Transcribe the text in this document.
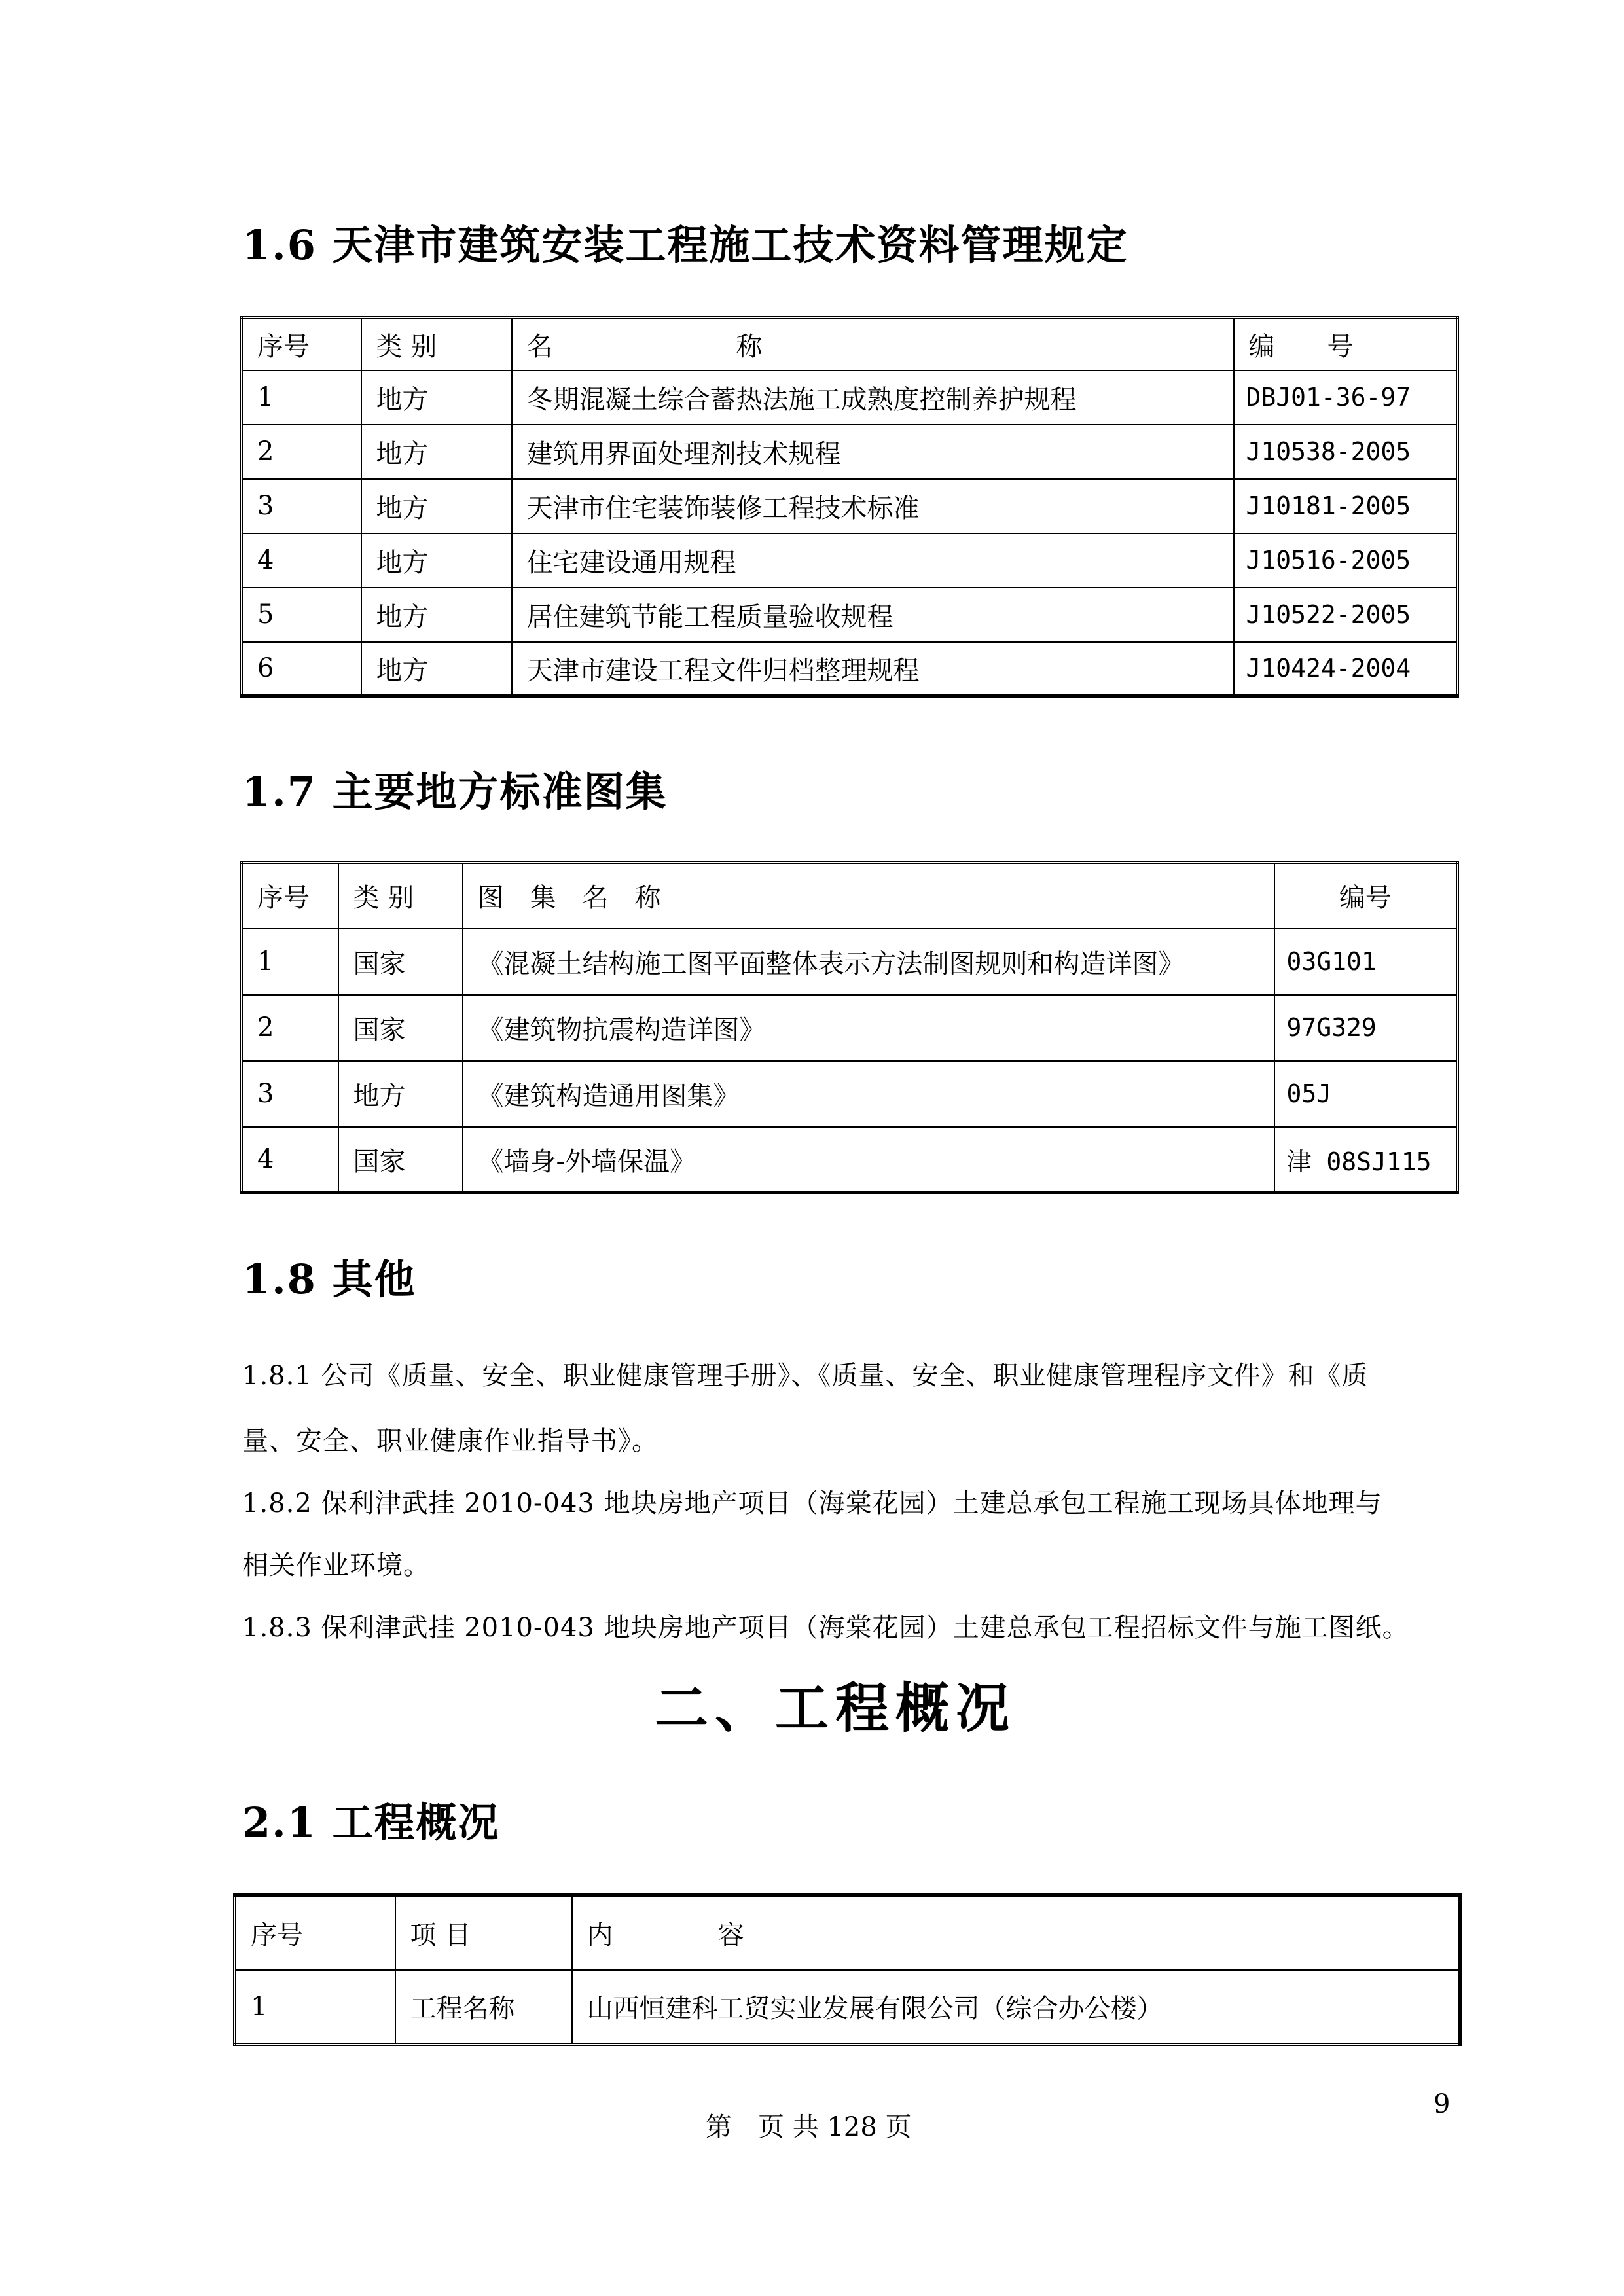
1.6 天津市建筑安装工程施工技术资料管理规定
序号	类 别	名　　　　　　　称	编　　号
1	地方	冬期混凝土综合蓄热法施工成熟度控制养护规程	DBJ01-36-97
2	地方	建筑用界面处理剂技术规程	J10538-2005
3	地方	天津市住宅装饰装修工程技术标准	J10181-2005
4	地方	住宅建设通用规程	J10516-2005
5	地方	居住建筑节能工程质量验收规程	J10522-2005
6	地方	天津市建设工程文件归档整理规程	J10424-2004
1.7 主要地方标准图集
序号	类 别	图　集　名　称	编号
1	国家	《混凝土结构施工图平面整体表示方法制图规则和构造详图》	03G101
2	国家	《建筑物抗震构造详图》	97G329
3	地方	《建筑构造通用图集》	05J
4	国家	《墙身-外墙保温》	津 08SJ115
1.8 其他
1.8.1 公司《质量、安全、职业健康管理手册》、《质量、安全、职业健康管理程序文件》和《质
量、安全、职业健康作业指导书》。
1.8.2 保利津武挂 2010-043 地块房地产项目（海棠花园）土建总承包工程施工现场具体地理与
相关作业环境。
1.8.3 保利津武挂 2010-043 地块房地产项目（海棠花园）土建总承包工程招标文件与施工图纸。
二、工程概况
2.1 工程概况
序号	项 目	内　　　　容
1	工程名称	山西恒建科工贸实业发展有限公司（综合办公楼）
第　页 共 128 页
9
